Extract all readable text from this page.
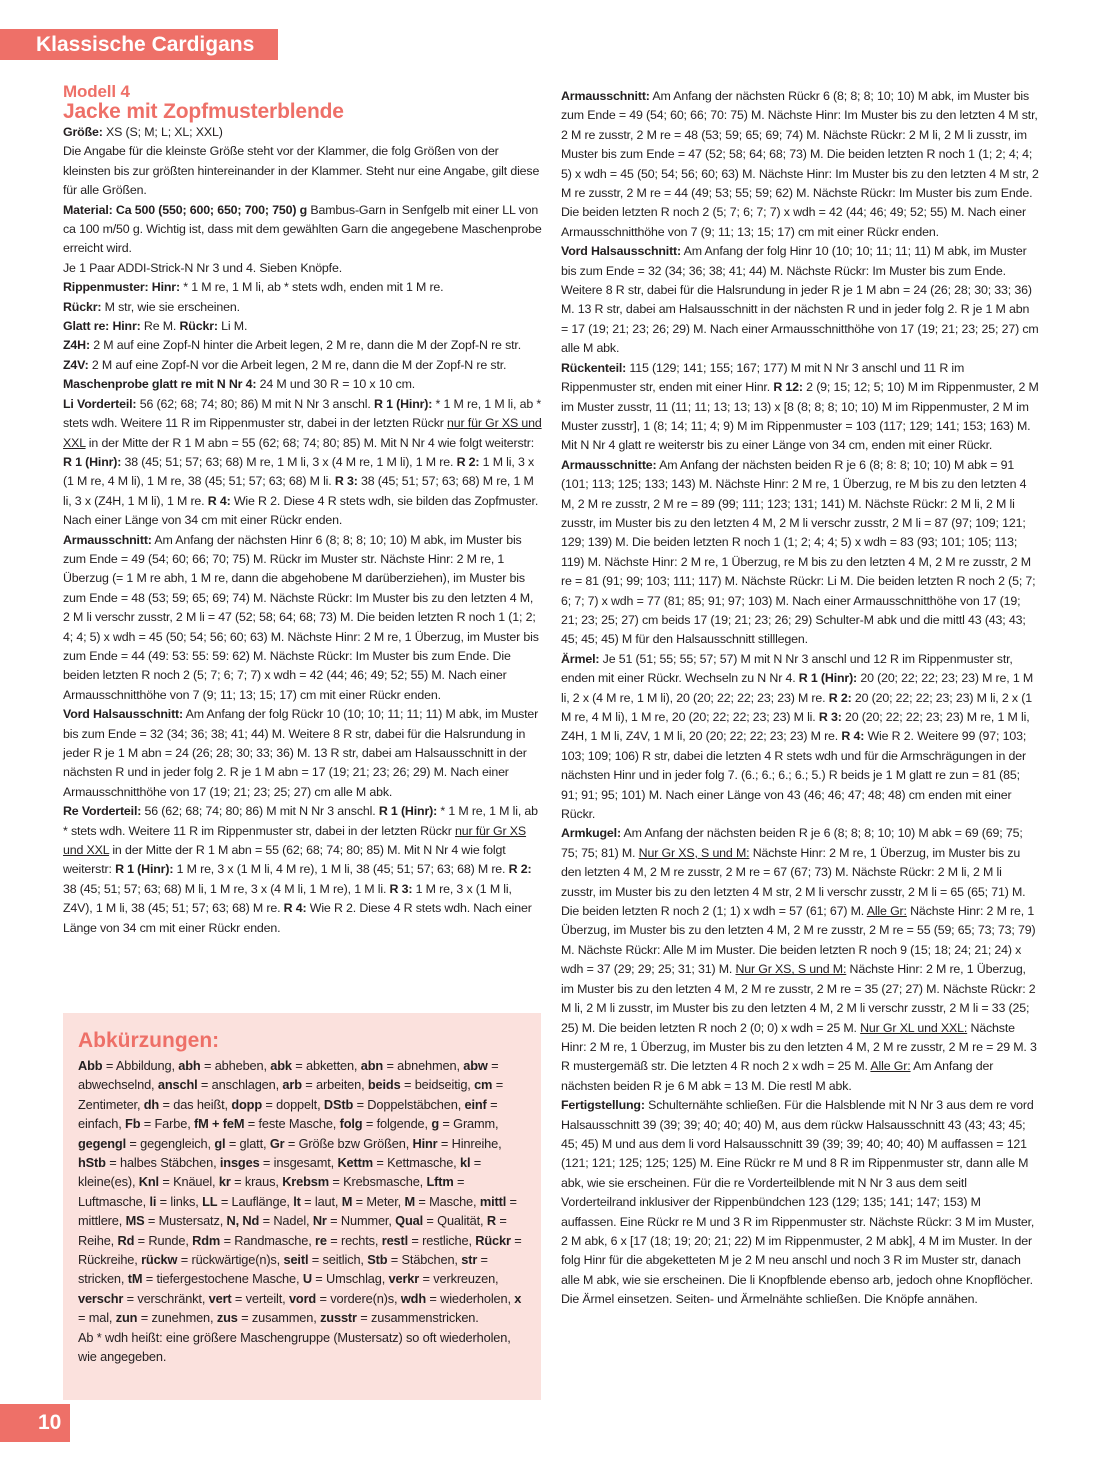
Klassische Cardigans
Modell 4
Jacke mit Zopfmusterblende

Größe: XS (S; M; L; XL; XXL)

Die Angabe für die kleinste Größe steht vor der Klammer, die folg Größen von der kleinsten bis zur größten hintereinander in der Klammer. Steht nur eine Angabe, gilt diese für alle Größen.

Material: Ca 500 (550; 600; 650; 700; 750) g Bambus-Garn in Senfgelb mit einer LL von ca 100 m/50 g. Wichtig ist, dass mit dem gewählten Garn die angegebene Maschenprobe erreicht wird.

Je 1 Paar ADDI-Strick-N Nr 3 und 4. Sieben Knöpfe.

Rippenmuster: Hinr: * 1 M re, 1 M li, ab * stets wdh, enden mit 1 M re.

Rückr: M str, wie sie erscheinen.

Glatt re: Hinr: Re M. Rückr: Li M.

Z4H: 2 M auf eine Zopf-N hinter die Arbeit legen, 2 M re, dann die M der Zopf-N re str.

Z4V: 2 M auf eine Zopf-N vor die Arbeit legen, 2 M re, dann die M der Zopf-N re str.

Maschenprobe glatt re mit N Nr 4: 24 M und 30 R = 10 x 10 cm.

Li Vorderteil: 56 (62; 68; 74; 80; 86) M mit N Nr 3 anschl. R 1 (Hinr): * 1 M re, 1 M li, ab * stets wdh. Weitere 11 R im Rippenmuster str, dabei in der letzten Rückr nur für Gr XS und XXL in der Mitte der R 1 M abn = 55 (62; 68; 74; 80; 85) M. Mit N Nr 4 wie folgt weiterstr: R 1 (Hinr): 38 (45; 51; 57; 63; 68) M re, 1 M li, 3 x (4 M re, 1 M li), 1 M re. R 2: 1 M li, 3 x (1 M re, 4 M li), 1 M re, 38 (45; 51; 57; 63; 68) M li. R 3: 38 (45; 51; 57; 63; 68) M re, 1 M li, 3 x (Z4H, 1 M li), 1 M re. R 4: Wie R 2. Diese 4 R stets wdh, sie bilden das Zopfmuster. Nach einer Länge von 34 cm mit einer Rückr enden.

Armausschnitt: Am Anfang der nächsten Hinr 6 (8; 8; 8; 10; 10) M abk, im Muster bis zum Ende = 49 (54; 60; 66; 70; 75) M. Rückr im Muster str. Nächste Hinr: 2 M re, 1 Überzug (= 1 M re abh, 1 M re, dann die abgehobene M darüberziehen), im Muster bis zum Ende = 48 (53; 59; 65; 69; 74) M. Nächste Rückr: Im Muster bis zu den letzten 4 M, 2 M li verschr zusstr, 2 M li = 47 (52; 58; 64; 68; 73) M. Die beiden letzten R noch 1 (1; 2; 4; 4; 5) x wdh = 45 (50; 54; 56; 60; 63) M. Nächste Hinr: 2 M re, 1 Überzug, im Muster bis zum Ende = 44 (49: 53: 55: 59: 62) M. Nächste Rückr: Im Muster bis zum Ende. Die beiden letzten R noch 2 (5; 7; 6; 7; 7) x wdh = 42 (44; 46; 49; 52; 55) M. Nach einer Armausschnitthöhe von 7 (9; 11; 13; 15; 17) cm mit einer Rückr enden.

Vord Halsausschnitt: Am Anfang der folg Rückr 10 (10; 10; 11; 11; 11) M abk, im Muster bis zum Ende = 32 (34; 36; 38; 41; 44) M. Weitere 8 R str, dabei für die Halsrundung in jeder R je 1 M abn = 24 (26; 28; 30; 33; 36) M. 13 R str, dabei am Halsausschnitt in der nächsten R und in jeder folg 2. R je 1 M abn = 17 (19; 21; 23; 26; 29) M. Nach einer Armausschnitthöhe von 17 (19; 21; 23; 25; 27) cm alle M abk.

Re Vorderteil: 56 (62; 68; 74; 80; 86) M mit N Nr 3 anschl. R 1 (Hinr): * 1 M re, 1 M li, ab * stets wdh. Weitere 11 R im Rippenmuster str, dabei in der letzten Rückr nur für Gr XS und XXL in der Mitte der R 1 M abn = 55 (62; 68; 74; 80; 85) M. Mit N Nr 4 wie folgt weiterstr: R 1 (Hinr): 1 M re, 3 x (1 M li, 4 M re), 1 M li, 38 (45; 51; 57; 63; 68) M re. R 2: 38 (45; 51; 57; 63; 68) M li, 1 M re, 3 x (4 M li, 1 M re), 1 M li. R 3: 1 M re, 3 x (1 M li, Z4V), 1 M li, 38 (45; 51; 57; 63; 68) M re. R 4: Wie R 2. Diese 4 R stets wdh. Nach einer Länge von 34 cm mit einer Rückr enden.

Abkürzungen:
Abb = Abbildung, abh = abheben, abk = abketten, abn = abnehmen, abw = abwechselnd, anschl = anschlagen, arb = arbeiten, beids = beidseitig, cm = Zentimeter, dh = das heißt, dopp = doppelt, DStb = Doppelstäbchen, einf = einfach, Fb = Farbe, fM + feM = feste Masche, folg = folgende, g = Gramm, gegengl = gegengleich, gl = glatt, Gr = Größe bzw Größen, Hinr = Hinreihe, hStb = halbes Stäbchen, insges = insgesamt, Kettm = Kettmasche, kl = kleine(es), Knl = Knäuel, kr = kraus, Krebsm = Krebsmasche, Lftm = Luftmasche, li = links, LL = Lauflänge, lt = laut, M = Meter, M = Masche, mittl = mittlere, MS = Mustersatz, N, Nd = Nadel, Nr = Nummer, Qual = Qualität, R = Reihe, Rd = Runde, Rdm = Randmasche, re = rechts, restl = restliche, Rückr = Rückreihe, rückw = rückwärtige(n)s, seitl = seitlich, Stb = Stäbchen, str = stricken, tM = tiefergestochene Masche, U = Umschlag, verkr = verkreuzen, verschr = verschränkt, vert = verteilt, vord = vordere(n)s, wdh = wiederholen, x = mal, zun = zunehmen, zus = zusammen, zusstr = zusammenstricken.
Ab * wdh heißt: eine größere Maschengruppe (Mustersatz) so oft wiederholen, wie angegeben.

Armausschnitt: Am Anfang der nächsten Rückr 6 (8; 8; 8; 10; 10) M abk, im Muster bis zum Ende = 49 (54; 60; 66; 70: 75) M. Nächste Hinr: Im Muster bis zu den letzten 4 M str, 2 M re zusstr, 2 M re = 48 (53; 59; 65; 69; 74) M. Nächste Rückr: 2 M li, 2 M li zusstr, im Muster bis zum Ende = 47 (52; 58; 64; 68; 73) M. Die beiden letzten R noch 1 (1; 2; 4; 4; 5) x wdh = 45 (50; 54; 56; 60; 63) M. Nächste Hinr: Im Muster bis zu den letzten 4 M str, 2 M re zusstr, 2 M re = 44 (49; 53; 55; 59; 62) M. Nächste Rückr: Im Muster bis zum Ende. Die beiden letzten R noch 2 (5; 7; 6; 7; 7) x wdh = 42 (44; 46; 49; 52; 55) M. Nach einer Armausschnitthöhe von 7 (9; 11; 13; 15; 17) cm mit einer Rückr enden.

Vord Halsausschnitt: Am Anfang der folg Hinr 10 (10; 10; 11; 11; 11) M abk, im Muster bis zum Ende = 32 (34; 36; 38; 41; 44) M. Nächste Rückr: Im Muster bis zum Ende. Weitere 8 R str, dabei für die Halsrundung in jeder R je 1 M abn = 24 (26; 28; 30; 33; 36) M. 13 R str, dabei am Halsausschnitt in der nächsten R und in jeder folg 2. R je 1 M abn = 17 (19; 21; 23; 26; 29) M. Nach einer Armausschnitthöhe von 17 (19; 21; 23; 25; 27) cm alle M abk.

Rückenteil: 115 (129; 141; 155; 167; 177) M mit N Nr 3 anschl und 11 R im Rippenmuster str, enden mit einer Hinr. R 12: 2 (9; 15; 12; 5; 10) M im Rippenmuster, 2 M im Muster zusstr, 11 (11; 11; 13; 13; 13) x [8 (8; 8; 8; 10; 10) M im Rippenmuster, 2 M im Muster zusstr], 1 (8; 14; 11; 4; 9) M im Rippenmuster = 103 (117; 129; 141; 153; 163) M. Mit N Nr 4 glatt re weiterstr bis zu einer Länge von 34 cm, enden mit einer Rückr.

Armausschnitte: Am Anfang der nächsten beiden R je 6 (8; 8: 8; 10; 10) M abk = 91 (101; 113; 125; 133; 143) M. Nächste Hinr: 2 M re, 1 Überzug, re M bis zu den letzten 4 M, 2 M re zusstr, 2 M re = 89 (99; 111; 123; 131; 141) M. Nächste Rückr: 2 M li, 2 M li zusstr, im Muster bis zu den letzten 4 M, 2 M li verschr zusstr, 2 M li = 87 (97; 109; 121; 129; 139) M. Die beiden letzten R noch 1 (1; 2; 4; 4; 5) x wdh = 83 (93; 101; 105; 113; 119) M. Nächste Hinr: 2 M re, 1 Überzug, re M bis zu den letzten 4 M, 2 M re zusstr, 2 M re = 81 (91; 99; 103; 111; 117) M. Nächste Rückr: Li M. Die beiden letzten R noch 2 (5; 7; 6; 7; 7) x wdh = 77 (81; 85; 91; 97; 103) M. Nach einer Armausschnitthöhe von 17 (19; 21; 23; 25; 27) cm beids 17 (19; 21; 23; 26; 29) Schulter-M abk und die mittl 43 (43; 43; 45; 45; 45) M für den Halsausschnitt stilllegen.

Ärmel: Je 51 (51; 55; 55; 57; 57) M mit N Nr 3 anschl und 12 R im Rippenmuster str, enden mit einer Rückr. Wechseln zu N Nr 4. R 1 (Hinr): 20 (20; 22; 22; 23; 23) M re, 1 M li, 2 x (4 M re, 1 M li), 20 (20; 22; 22; 23; 23) M re. R 2: 20 (20; 22; 22; 23; 23) M li, 2 x (1 M re, 4 M li), 1 M re, 20 (20; 22; 22; 23; 23) M li. R 3: 20 (20; 22; 22; 23; 23) M re, 1 M li, Z4H, 1 M li, Z4V, 1 M li, 20 (20; 22; 22; 23; 23) M re. R 4: Wie R 2. Weitere 99 (97; 103; 103; 109; 106) R str, dabei die letzten 4 R stets wdh und für die Armschrägungen in der nächsten Hinr und in jeder folg 7. (6.; 6.; 6.; 6.; 5.) R beids je 1 M glatt re zun = 81 (85; 91; 91; 95; 101) M. Nach einer Länge von 43 (46; 46; 47; 48; 48) cm enden mit einer Rückr.

Armkugel: Am Anfang der nächsten beiden R je 6 (8; 8; 8; 10; 10) M abk = 69 (69; 75; 75; 75; 81) M. Nur Gr XS, S und M: Nächste Hinr: 2 M re, 1 Überzug, im Muster bis zu den letzten 4 M, 2 M re zusstr, 2 M re = 67 (67; 73) M. Nächste Rückr: 2 M li, 2 M li zusstr, im Muster bis zu den letzten 4 M str, 2 M li verschr zusstr, 2 M li = 65 (65; 71) M. Die beiden letzten R noch 2 (1; 1) x wdh = 57 (61; 67) M. Alle Gr: Nächste Hinr: 2 M re, 1 Überzug, im Muster bis zu den letzten 4 M, 2 M re zusstr, 2 M re = 55 (59; 65; 73; 73; 79) M. Nächste Rückr: Alle M im Muster. Die beiden letzten R noch 9 (15; 18; 24; 21; 24) x wdh = 37 (29; 29; 25; 31; 31) M. Nur Gr XS, S und M: Nächste Hinr: 2 M re, 1 Überzug, im Muster bis zu den letzten 4 M, 2 M re zusstr, 2 M re = 35 (27; 27) M. Nächste Rückr: 2 M li, 2 M li zusstr, im Muster bis zu den letzten 4 M, 2 M li verschr zusstr, 2 M li = 33 (25; 25) M. Die beiden letzten R noch 2 (0; 0) x wdh = 25 M. Nur Gr XL und XXL: Nächste Hinr: 2 M re, 1 Überzug, im Muster bis zu den letzten 4 M, 2 M re zusstr, 2 M re = 29 M. 3 R mustergemäß str. Die letzten 4 R noch 2 x wdh = 25 M. Alle Gr: Am Anfang der nächsten beiden R je 6 M abk = 13 M. Die restl M abk.

Fertigstellung: Schulternähte schließen. Für die Halsblende mit N Nr 3 aus dem re vord Halsausschnitt 39 (39; 39; 40; 40; 40) M, aus dem rückw Halsausschnitt 43 (43; 43; 45; 45; 45) M und aus dem li vord Halsausschnitt 39 (39; 39; 40; 40; 40) M auffassen = 121 (121; 121; 125; 125; 125) M. Eine Rückr re M und 8 R im Rippenmuster str, dann alle M abk, wie sie erscheinen. Für die re Vorderteilblende mit N Nr 3 aus dem seitl Vorderteilrand inklusiver der Rippenbündchen 123 (129; 135; 141; 147; 153) M auffassen. Eine Rückr re M und 3 R im Rippenmuster str. Nächste Rückr: 3 M im Muster, 2 M abk, 6 x [17 (18; 19; 20; 21; 22) M im Rippenmuster, 2 M abk], 4 M im Muster. In der folg Hinr für die abgeketteten M je 2 M neu anschl und noch 3 R im Muster str, danach alle M abk, wie sie erscheinen. Die li Knopfblende ebenso arb, jedoch ohne Knopflöcher. Die Ärmel einsetzen. Seiten- und Ärmelnähte schließen. Die Knöpfe annähen.

10
